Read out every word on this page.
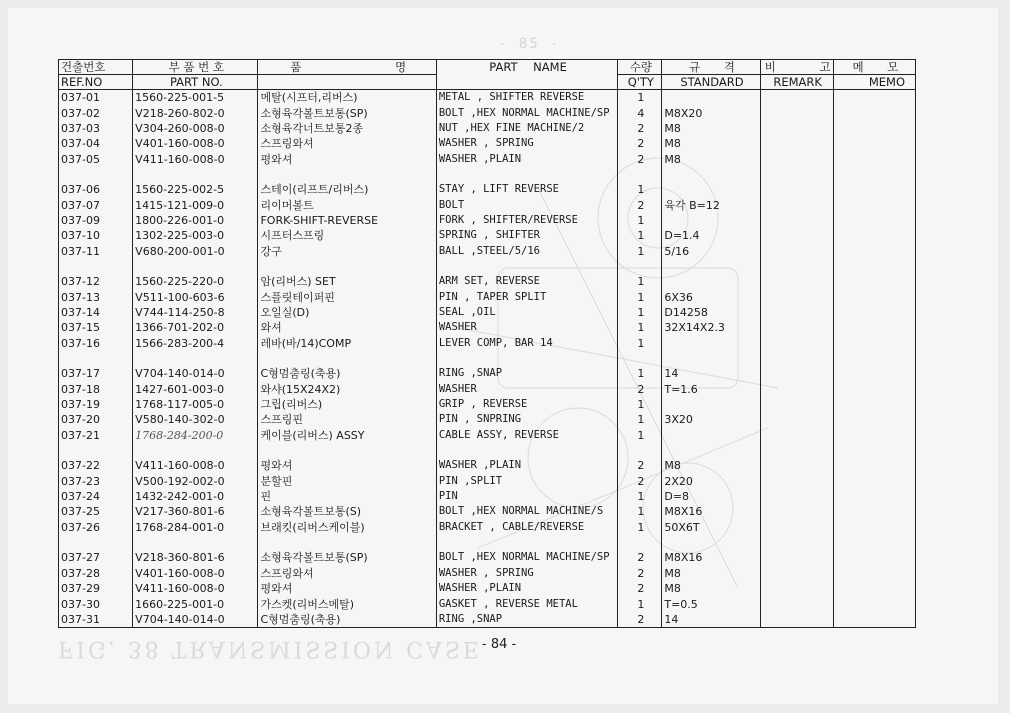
- 85 -
FIG. 38 TRANSMISSION CASE
건출번호	부 품 번 호	품 명	PART NAME	수량	규 격	비 고	메 모
REF.NO	PART NO.			Q'TY	STANDARD	REMARK	MEMO
037-01	1560-225-001-5	메탈(시프터,리버스)	METAL , SHIFTER REVERSE	1			
037-02	V218-260-802-0	소형육각볼트보통(SP)	BOLT ,HEX NORMAL MACHINE/SP	4	M8X20		
037-03	V304-260-008-0	소형육각너트보통2종	NUT ,HEX FINE MACHINE/2	2	M8		
037-04	V401-160-008-0	스프링와셔	WASHER , SPRING	2	M8		
037-05	V411-160-008-0	평와셔	WASHER ,PLAIN	2	M8		

037-06	1560-225-002-5	스테이(리프트/리버스)	STAY , LIFT REVERSE	1			
037-07	1415-121-009-0	리이머볼트	BOLT	2	육각 B=12		
037-09	1800-226-001-0	FORK-SHIFT-REVERSE	FORK , SHIFTER/REVERSE	1			
037-10	1302-225-003-0	시프터스프링	SPRING , SHIFTER	1	D=1.4		
037-11	V680-200-001-0	강구	BALL ,STEEL/5/16	1	5/16		

037-12	1560-225-220-0	암(리버스) SET	ARM SET, REVERSE	1			
037-13	V511-100-603-6	스플릿테이퍼핀	PIN , TAPER SPLIT	1	6X36		
037-14	V744-114-250-8	오일실(D)	SEAL ,OIL	1	D14258		
037-15	1366-701-202-0	와셔	WASHER	1	32X14X2.3		
037-16	1566-283-200-4	레바(바/14)COMP	LEVER COMP, BAR 14	1			

037-17	V704-140-014-0	C형멈춤링(축용)	RING ,SNAP	1	14		
037-18	1427-601-003-0	와샤(15X24X2)	WASHER	2	T=1.6		
037-19	1768-117-005-0	그립(리버스)	GRIP , REVERSE	1			
037-20	V580-140-302-0	스프링핀	PIN , SNPRING	1	3X20		
037-21	1768-284-200-0	케이블(리버스) ASSY	CABLE ASSY, REVERSE	1			

037-22	V411-160-008-0	평와셔	WASHER ,PLAIN	2	M8		
037-23	V500-192-002-0	분할핀	PIN ,SPLIT	2	2X20		
037-24	1432-242-001-0	핀	PIN	1	D=8		
037-25	V217-360-801-6	소형육각볼트보통(S)	BOLT ,HEX NORMAL MACHINE/S	1	M8X16		
037-26	1768-284-001-0	브래킷(리버스케이블)	BRACKET , CABLE/REVERSE	1	50X6T		

037-27	V218-360-801-6	소형육각볼트보통(SP)	BOLT ,HEX NORMAL MACHINE/SP	2	M8X16		
037-28	V401-160-008-0	스프링와셔	WASHER , SPRING	2	M8		
037-29	V411-160-008-0	평와셔	WASHER ,PLAIN	2	M8		
037-30	1660-225-001-0	가스켓(리버스메탈)	GASKET , REVERSE METAL	1	T=0.5		
037-31	V704-140-014-0	C형멈춤링(축용)	RING ,SNAP	2	14		
- 84 -
